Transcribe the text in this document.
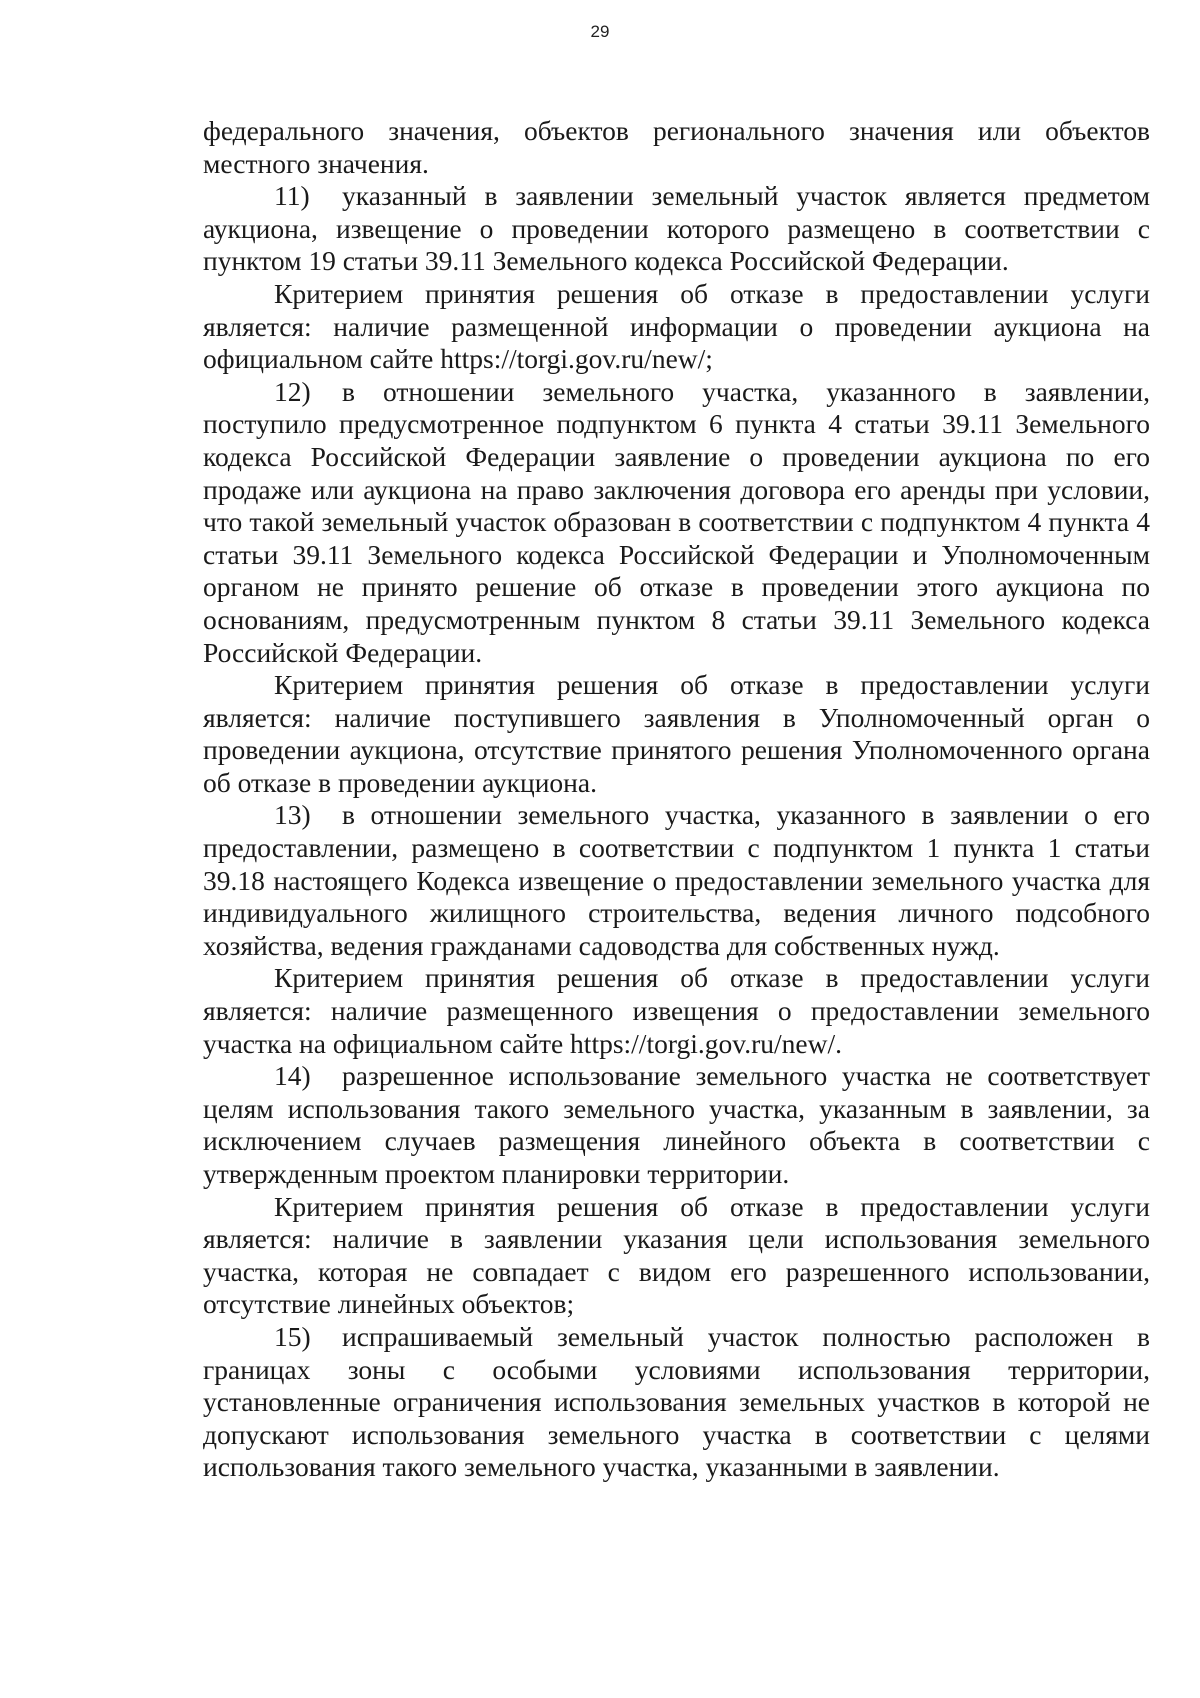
29

федерального значения, объектов регионального значения или объектов местного значения.

11) указанный в заявлении земельный участок является предметом аукциона, извещение о проведении которого размещено в соответствии с пунктом 19 статьи 39.11 Земельного кодекса Российской Федерации.

Критерием принятия решения об отказе в предоставлении услуги является: наличие размещенной информации о проведении аукциона на официальном сайте https://torgi.gov.ru/new/;

12) в отношении земельного участка, указанного в заявлении, поступило предусмотренное подпунктом 6 пункта 4 статьи 39.11 Земельного кодекса Российской Федерации заявление о проведении аукциона по его продаже или аукциона на право заключения договора его аренды при условии, что такой земельный участок образован в соответствии с подпунктом 4 пункта 4 статьи 39.11 Земельного кодекса Российской Федерации и Уполномоченным органом не принято решение об отказе в проведении этого аукциона по основаниям, предусмотренным пунктом 8 статьи 39.11 Земельного кодекса Российской Федерации.

Критерием принятия решения об отказе в предоставлении услуги является: наличие поступившего заявления в Уполномоченный орган о проведении аукциона, отсутствие принятого решения Уполномоченного органа об отказе в проведении аукциона.

13) в отношении земельного участка, указанного в заявлении о его предоставлении, размещено в соответствии с подпунктом 1 пункта 1 статьи 39.18 настоящего Кодекса извещение о предоставлении земельного участка для индивидуального жилищного строительства, ведения личного подсобного хозяйства, ведения гражданами садоводства для собственных нужд.

Критерием принятия решения об отказе в предоставлении услуги является: наличие размещенного извещения о предоставлении земельного участка на официальном сайте https://torgi.gov.ru/new/.

14) разрешенное использование земельного участка не соответствует целям использования такого земельного участка, указанным в заявлении, за исключением случаев размещения линейного объекта в соответствии с утвержденным проектом планировки территории.

Критерием принятия решения об отказе в предоставлении услуги является: наличие в заявлении указания цели использования земельного участка, которая не совпадает с видом его разрешенного использовании, отсутствие линейных объектов;

15) испрашиваемый земельный участок полностью расположен в границах зоны с особыми условиями использования территории, установленные ограничения использования земельных участков в которой не допускают использования земельного участка в соответствии с целями использования такого земельного участка, указанными в заявлении.
